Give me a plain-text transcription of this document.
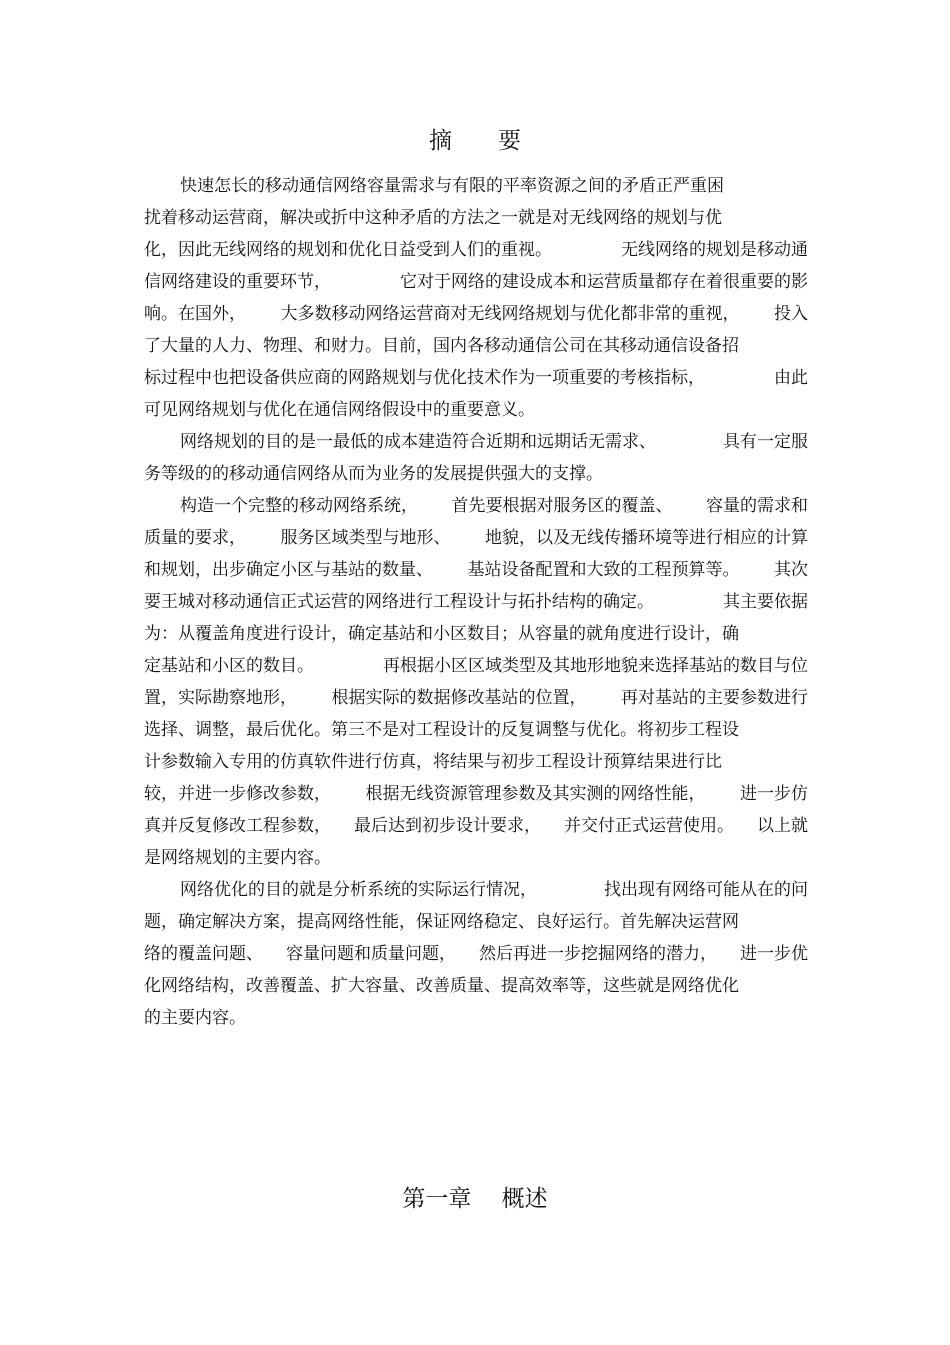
摘　　要
快速怎长的移动通信网络容量需求与有限的平率资源之间的矛盾正严重困
扰着移动运营商，解决或折中这种矛盾的方法之一就是对无线网络的规划与优
化，因此无线网络的规划和优化日益受到人们的重视。	无线网络的规划是移动通
信网络建设的重要环节，	它对于网络的建设成本和运营质量都存在着很重要的影
响。在国外， 大多数移动网络运营商对无线网络规划与优化都非常的重视， 投入
了大量的人力、物理、和财力。目前，国内各移动通信公司在其移动通信设备招
标过程中也把设备供应商的网路规划与优化技术作为一项重要的考核指标，	由此
可见网络规划与优化在通信网络假设中的重要意义。
网络规划的目的是一最低的成本建造符合近期和远期话无需求、	具有一定服
务等级的的移动通信网络从而为业务的发展提供强大的支撑。
构造一个完整的移动网络系统， 首先要根据对服务区的覆盖、 容量的需求和
质量的要求， 服务区域类型与地形、 地貌，以及无线传播环境等进行相应的计算
和规划，出步确定小区与基站的数量、 基站设备配置和大致的工程预算等。 其次
要王城对移动通信正式运营的网络进行工程设计与拓扑结构的确定。	其主要依据
为：从覆盖角度进行设计，确定基站和小区数目；从容量的就角度进行设计，确
定基站和小区的数目。	再根据小区区域类型及其地形地貌来选择基站的数目与位
置，实际勘察地形， 根据实际的数据修改基站的位置， 再对基站的主要参数进行
选择、调整，最后优化。第三不是对工程设计的反复调整与优化。将初步工程设
计参数输入专用的仿真软件进行仿真，将结果与初步工程设计预算结果进行比
较，并进一步修改参数， 根据无线资源管理参数及其实测的网络性能， 进一步仿
真并反复修改工程参数， 最后达到初步设计要求， 并交付正式运营使用。 以上就
是网络规划的主要内容。
网络优化的目的就是分析系统的实际运行情况，	找出现有网络可能从在的问
题，确定解决方案，提高网络性能，保证网络稳定、良好运行。首先解决运营网
络的覆盖问题、 容量问题和质量问题， 然后再进一步挖掘网络的潜力， 进一步优
化网络结构，改善覆盖、扩大容量、改善质量、提高效率等，这些就是网络优化
的主要内容。
第一章　 概述
